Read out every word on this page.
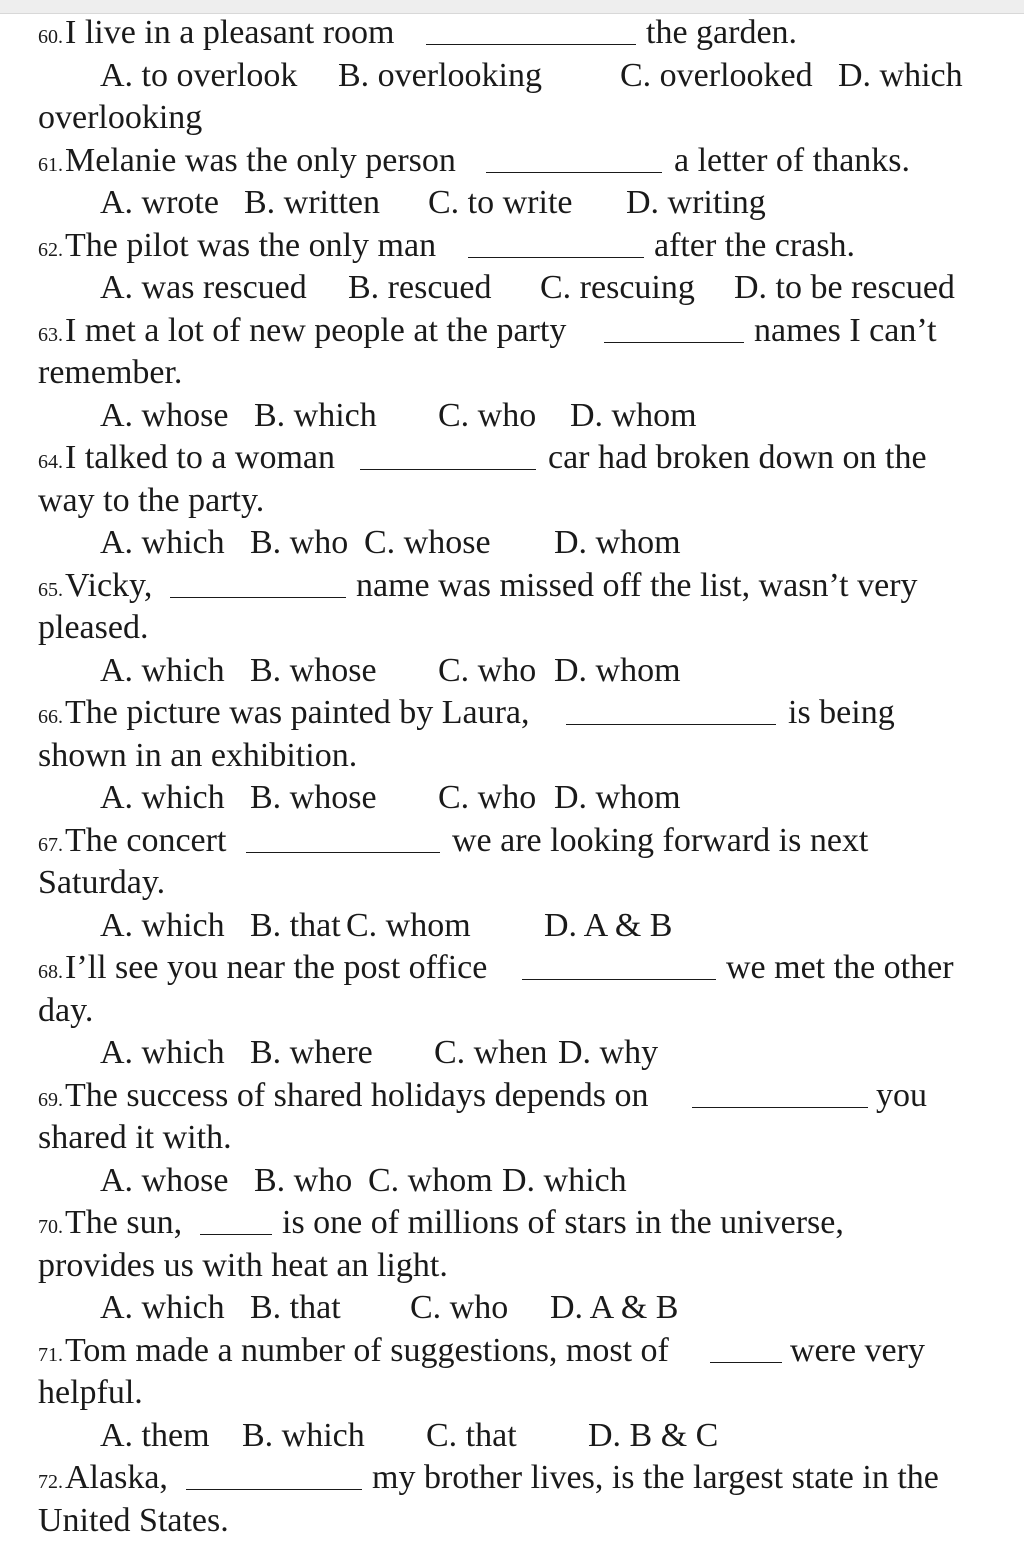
60.I live in a pleasant room	the garden.
A. to overlook B. overlooking C. overlooked D. which
overlooking
61.Melanie was the only person	a letter of thanks.
A. wrote B. written C. to write D. writing
62.The pilot was the only man	after the crash.
A. was rescued B. rescued C. rescuing D. to be rescued
63.I met a lot of new people at the party	names I can’t
remember.
A. whose B. which C. who D. whom
64.I talked to a woman	car had broken down on the
way to the party.
A. which B. who C. whose D. whom
65.Vicky,	name was missed off the list, wasn’t very
pleased.
A. which B. whose C. who D. whom
66.The picture was painted by Laura,	is being
shown in an exhibition.
A. which B. whose C. who D. whom
67.The concert	we are looking forward is next
Saturday.
A. which B. that C. whom D. A & B
68.I’ll see you near the post office	we met the other
day.
A. which B. where C. when D. why
69.The success of shared holidays depends on	you
shared it with.
A. whose B. who C. whom D. which
70.The sun,	is one of millions of stars in the universe,
provides us with heat an light.
A. which B. that C. who D. A & B
71.Tom made a number of suggestions, most of	were very
helpful.
A. them B. which C. that D. B & C
72.Alaska,	my brother lives, is the largest state in the
United States.
